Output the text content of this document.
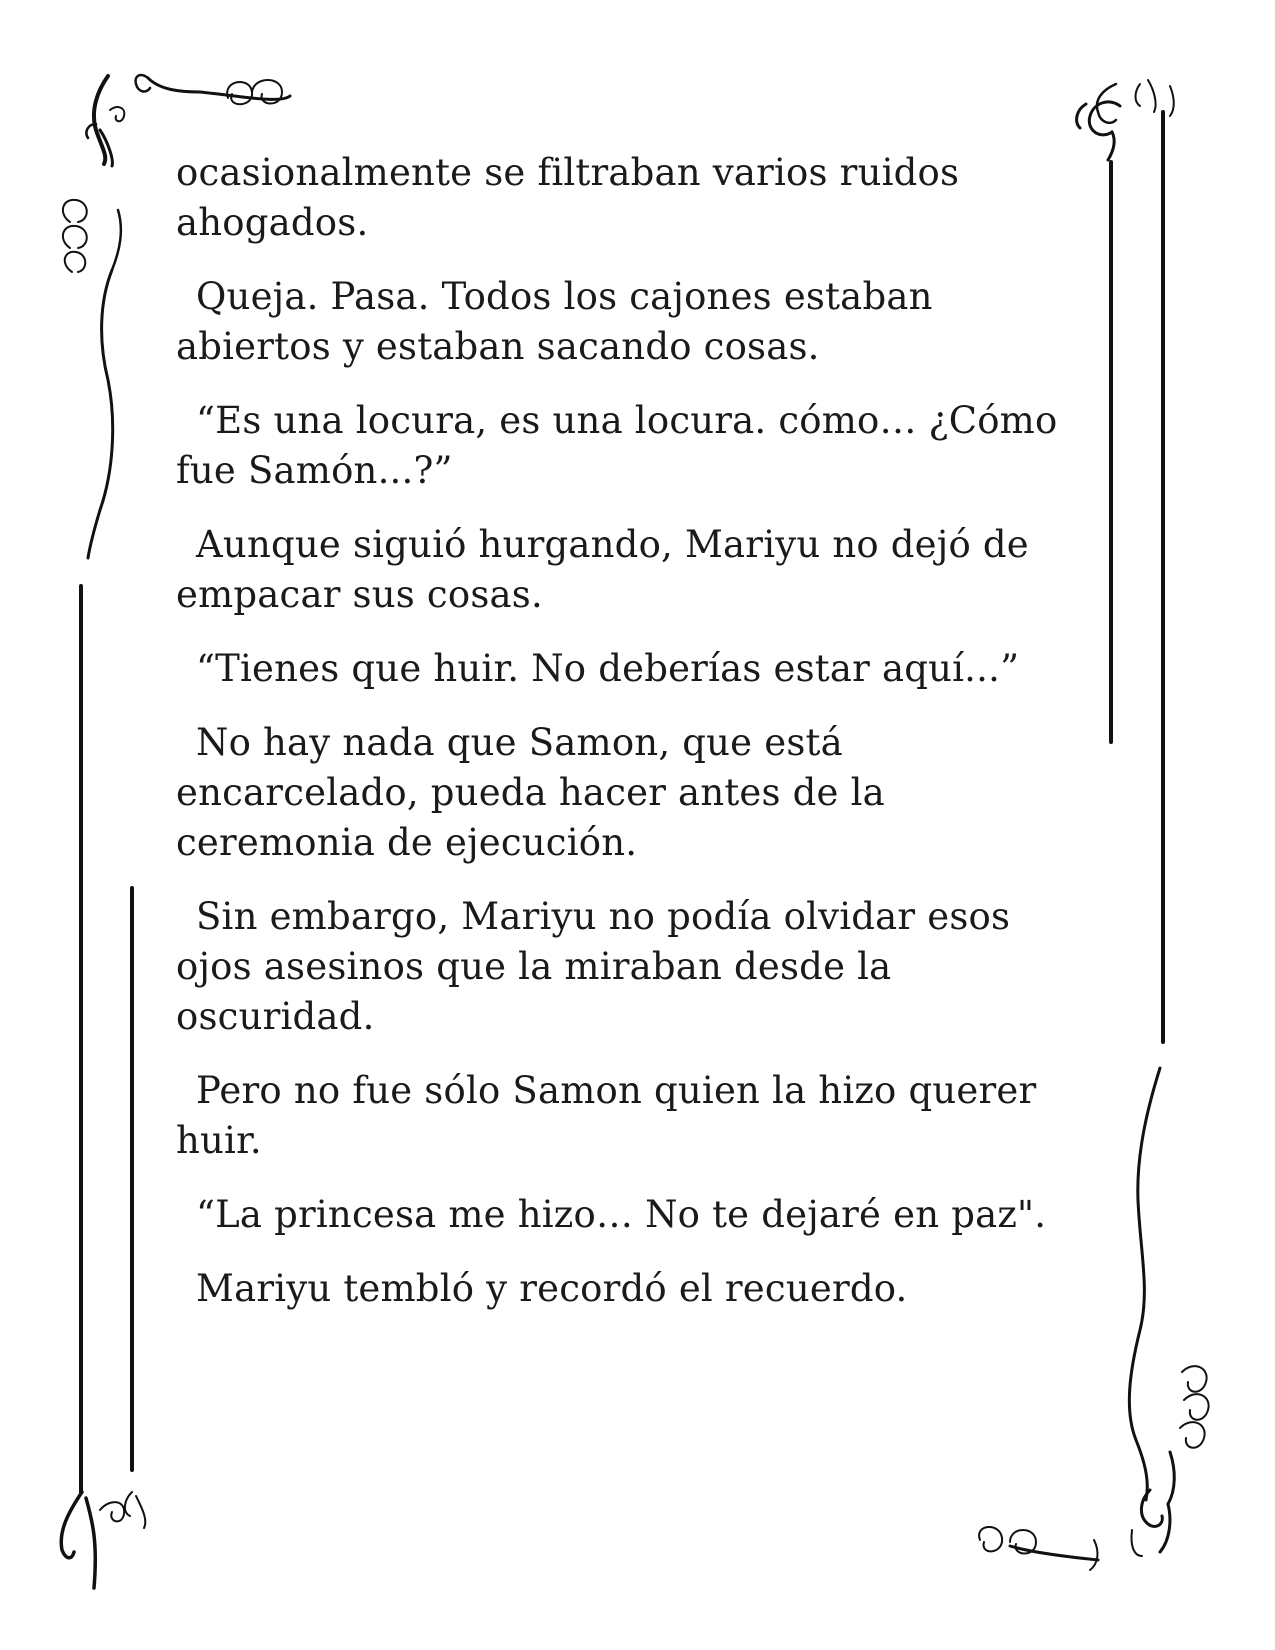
ocasionalmente se filtraban varios ruidos ahogados.

Queja. Pasa. Todos los cajones estaban abiertos y estaban sacando cosas.

“Es una locura, es una locura. cómo… ¿Cómo fue Samón...?”

Aunque siguió hurgando, Mariyu no dejó de empacar sus cosas.

“Tienes que huir. No deberías estar aquí...”

No hay nada que Samon, que está encarcelado, pueda hacer antes de la ceremonia de ejecución.

Sin embargo, Mariyu no podía olvidar esos ojos asesinos que la miraban desde la oscuridad.

Pero no fue sólo Samon quien la hizo querer huir.

“La princesa me hizo… No te dejaré en paz".

Mariyu tembló y recordó el recuerdo.
